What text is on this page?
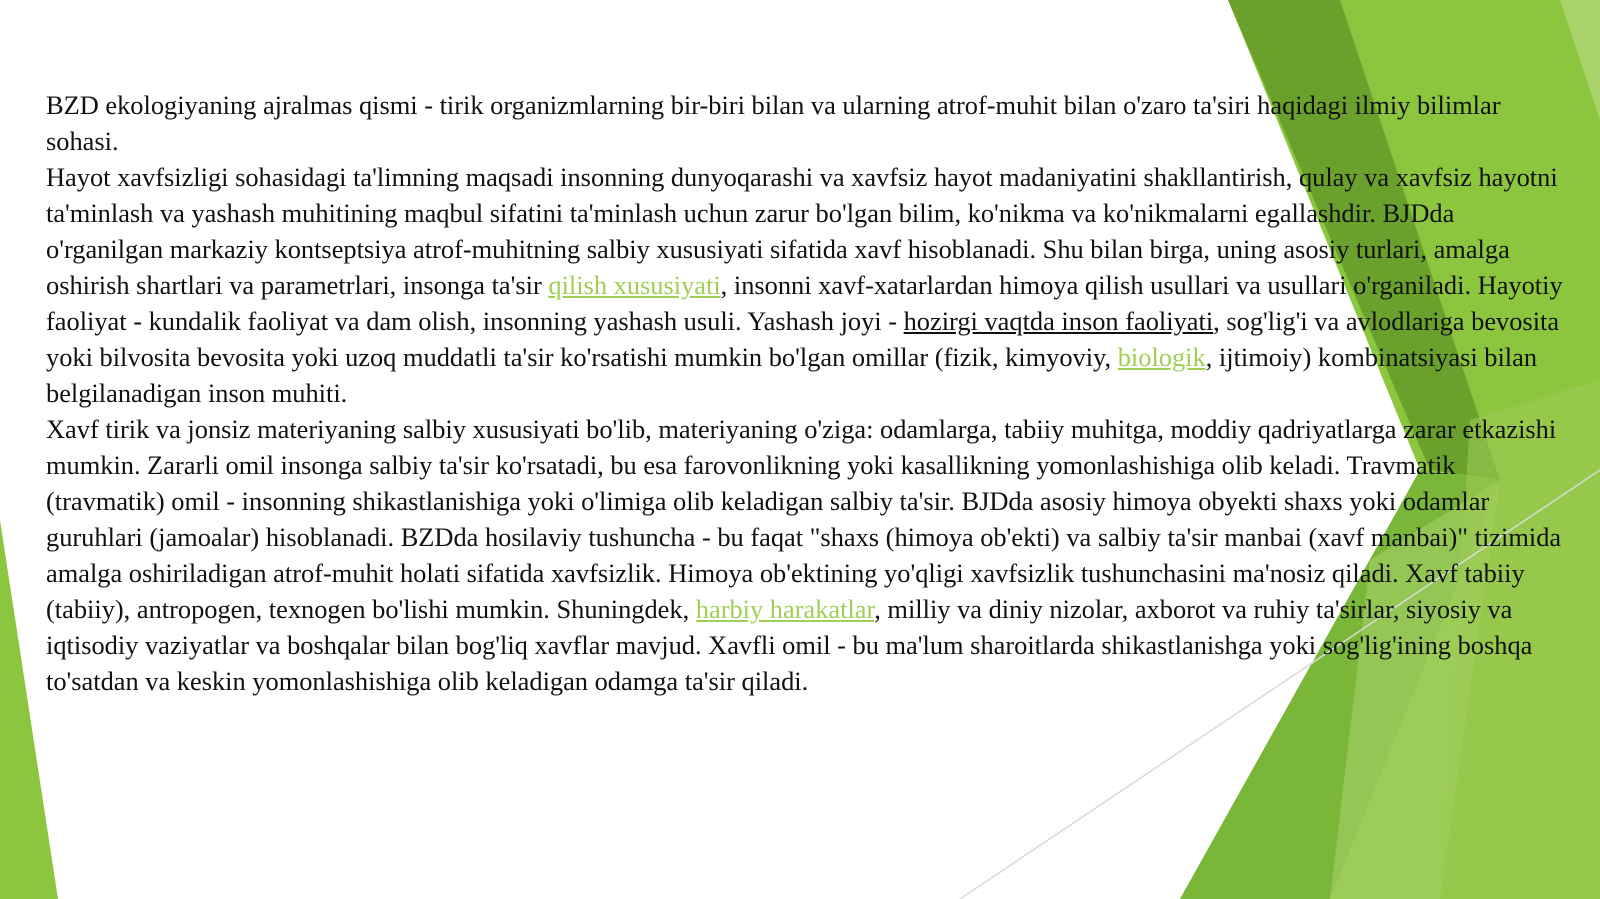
BZD ekologiyaning ajralmas qismi - tirik organizmlarning bir-biri bilan va ularning atrof-muhit bilan o'zaro ta'siri haqidagi ilmiy bilimlar sohasi.

Hayot xavfsizligi sohasidagi ta'limning maqsadi insonning dunyoqarashi va xavfsiz hayot madaniyatini shakllantirish, qulay va xavfsiz hayotni ta'minlash va yashash muhitining maqbul sifatini ta'minlash uchun zarur bo'lgan bilim, ko'nikma va ko'nikmalarni egallashdir. BJDda o'rganilgan markaziy kontseptsiya atrof-muhitning salbiy xususiyati sifatida xavf hisoblanadi. Shu bilan birga, uning asosiy turlari, amalga oshirish shartlari va parametrlari, insonga ta'sir qilish xususiyati, insonni xavf-xatarlardan himoya qilish usullari va usullari o'rganiladi. Hayotiy faoliyat - kundalik faoliyat va dam olish, insonning yashash usuli. Yashash joyi - hozirgi vaqtda inson faoliyati, sog'lig'i va avlodlariga bevosita yoki bilvosita bevosita yoki uzoq muddatli ta'sir ko'rsatishi mumkin bo'lgan omillar (fizik, kimyoviy, biologik, ijtimoiy) kombinatsiyasi bilan belgilanadigan inson muhiti.

Xavf tirik va jonsiz materiyaning salbiy xususiyati bo'lib, materiyaning o'ziga: odamlarga, tabiiy muhitga, moddiy qadriyatlarga zarar etkazishi mumkin. Zararli omil insonga salbiy ta'sir ko'rsatadi, bu esa farovonlikning yoki kasallikning yomonlashishiga olib keladi. Travmatik (travmatik) omil - insonning shikastlanishiga yoki o'limiga olib keladigan salbiy ta'sir. BJDda asosiy himoya obyekti shaxs yoki odamlar guruhlari (jamoalar) hisoblanadi. BZDda hosilaviy tushuncha - bu faqat "shaxs (himoya ob'ekti) va salbiy ta'sir manbai (xavf manbai)" tizimida amalga oshiriladigan atrof-muhit holati sifatida xavfsizlik. Himoya ob'ektining yo'qligi xavfsizlik tushunchasini ma'nosiz qiladi. Xavf tabiiy (tabiiy), antropogen, texnogen bo'lishi mumkin. Shuningdek, harbiy harakatlar, milliy va diniy nizolar, axborot va ruhiy ta'sirlar, siyosiy va iqtisodiy vaziyatlar va boshqalar bilan bog'liq xavflar mavjud. Xavfli omil - bu ma'lum sharoitlarda shikastlanishga yoki sog'lig'ining boshqa to'satdan va keskin yomonlashishiga olib keladigan odamga ta'sir qiladi.
